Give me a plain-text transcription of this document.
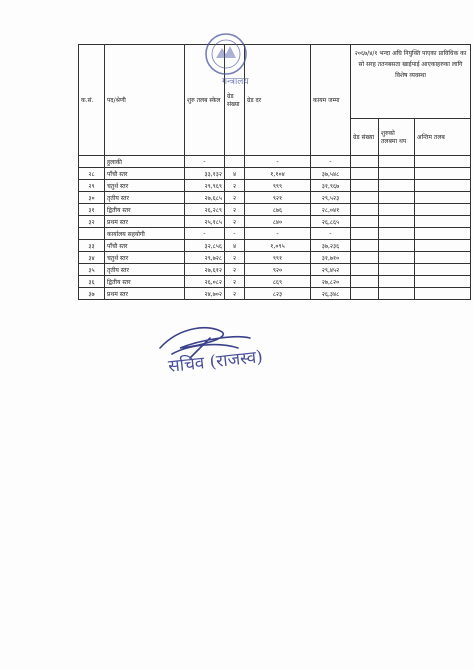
क.सं.	पद/श्रेणी	शुरु तलब स्केल	ग्रेड संख्या	ग्रेड दर	कायम जम्मा	२०६७/४/१ भन्दा अघि नियुक्ति पाएका प्राविधिक का सो सरह ततनबसता खाईपाई आएकाहरुका लागि विशेष व्यवस्था		
						ग्रेड संख्या	शुरुको तलबमा थप	अन्तिम तलब
	हुलाकी	-		-	-			
२८	पाँचौ स्तर	३३,१३२	४	१,१०४	३७,५४८			
२९	चतुर्थ स्तर	२९,९६९	२	९९९	३१,९६७			
३०	तृतीय स्तर	२७,६८५	२	९२१	२९,५२३			
३१	द्वितीय स्तर	२६,२८९	२	८७६	२८,०४१			
३२	प्रथम स्तर	२५,१८५	२	८४०	२६,८६५			
	कार्यालय सहयोगी	-	-	-	-			
३३	पाँचौ स्तर	३२,८५६	४	१,०९५	३७,२३६			
३४	चतुर्थ स्तर	२९,७२८	२	९९१	३१,७१०			
३५	तृतीय स्तर	२७,६१२	२	९२०	२९,४५२			
३६	द्वितीय स्तर	२६,०८२	२	८६९	२७,८२०			
३७	प्रथम स्तर	२४,७०२	२	८२३	२६,३४८			
गन्त्रालय
सचिव (राजस्व)
